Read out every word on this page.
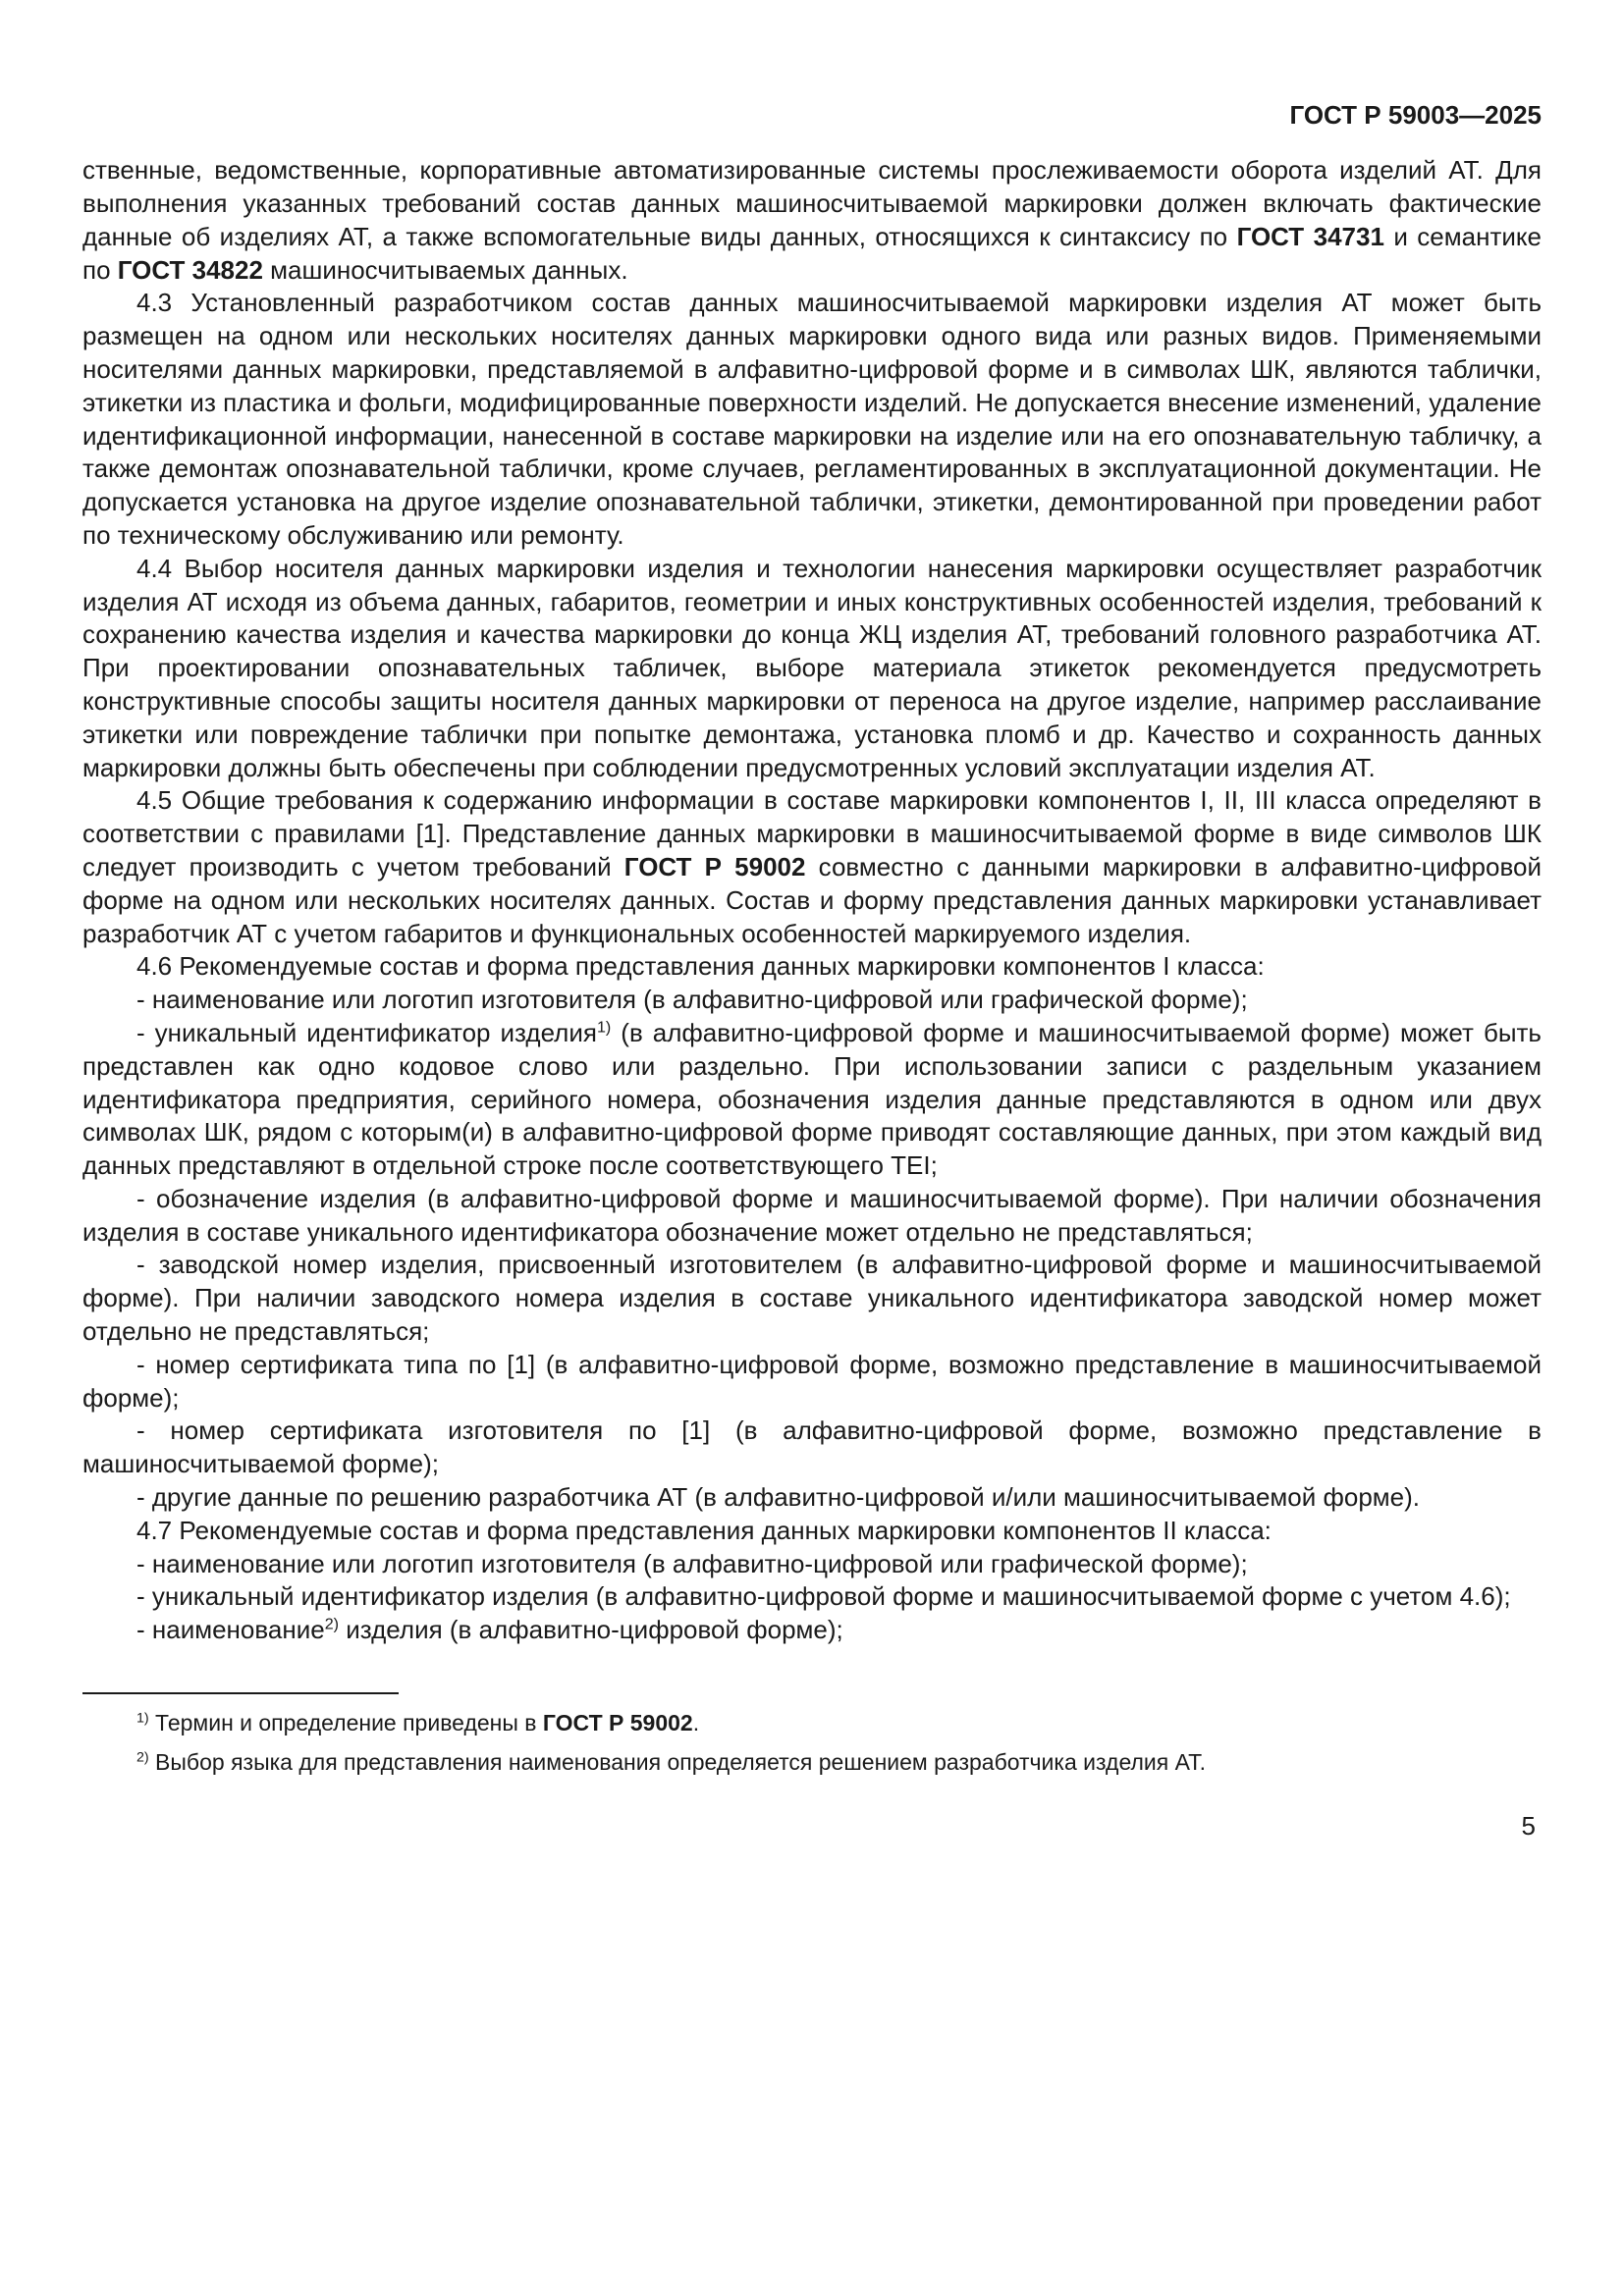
ГОСТ Р 59003—2025

ственные, ведомственные, корпоративные автоматизированные системы прослеживаемости оборота изделий АТ. Для выполнения указанных требований состав данных машиносчитываемой маркировки должен включать фактические данные об изделиях АТ, а также вспомогательные виды данных, относящихся к синтаксису по ГОСТ 34731 и семантике по ГОСТ 34822 машиносчитываемых данных.

4.3 Установленный разработчиком состав данных машиносчитываемой маркировки изделия АТ может быть размещен на одном или нескольких носителях данных маркировки одного вида или разных видов. Применяемыми носителями данных маркировки, представляемой в алфавитно-цифровой форме и в символах ШК, являются таблички, этикетки из пластика и фольги, модифицированные поверхности изделий. Не допускается внесение изменений, удаление идентификационной информации, нанесенной в составе маркировки на изделие или на его опознавательную табличку, а также демонтаж опознавательной таблички, кроме случаев, регламентированных в эксплуатационной документации. Не допускается установка на другое изделие опознавательной таблички, этикетки, демонтированной при проведении работ по техническому обслуживанию или ремонту.

4.4 Выбор носителя данных маркировки изделия и технологии нанесения маркировки осуществляет разработчик изделия АТ исходя из объема данных, габаритов, геометрии и иных конструктивных особенностей изделия, требований к сохранению качества изделия и качества маркировки до конца ЖЦ изделия АТ, требований головного разработчика АТ. При проектировании опознавательных табличек, выборе материала этикеток рекомендуется предусмотреть конструктивные способы защиты носителя данных маркировки от переноса на другое изделие, например расслаивание этикетки или повреждение таблички при попытке демонтажа, установка пломб и др. Качество и сохранность данных маркировки должны быть обеспечены при соблюдении предусмотренных условий эксплуатации изделия АТ.

4.5 Общие требования к содержанию информации в составе маркировки компонентов I, II, III класса определяют в соответствии с правилами [1]. Представление данных маркировки в машиносчитываемой форме в виде символов ШК следует производить с учетом требований ГОСТ Р 59002 совместно с данными маркировки в алфавитно-цифровой форме на одном или нескольких носителях данных. Состав и форму представления данных маркировки устанавливает разработчик АТ с учетом габаритов и функциональных особенностей маркируемого изделия.

4.6 Рекомендуемые состав и форма представления данных маркировки компонентов I класса:

- наименование или логотип изготовителя (в алфавитно-цифровой или графической форме);

- уникальный идентификатор изделия$^{1)}$ (в алфавитно-цифровой форме и машиносчитываемой форме) может быть представлен как одно кодовое слово или раздельно. При использовании записи с раздельным указанием идентификатора предприятия, серийного номера, обозначения изделия данные представляются в одном или двух символах ШК, рядом с которым(и) в алфавитно-цифровой форме приводят составляющие данных, при этом каждый вид данных представляют в отдельной строке после соответствующего TEI;

- обозначение изделия (в алфавитно-цифровой форме и машиносчитываемой форме). При наличии обозначения изделия в составе уникального идентификатора обозначение может отдельно не представляться;

- заводской номер изделия, присвоенный изготовителем (в алфавитно-цифровой форме и машиносчитываемой форме). При наличии заводского номера изделия в составе уникального идентификатора заводской номер может отдельно не представляться;

- номер сертификата типа по [1] (в алфавитно-цифровой форме, возможно представление в машиносчитываемой форме);

- номер сертификата изготовителя по [1] (в алфавитно-цифровой форме, возможно представление в машиносчитываемой форме);

- другие данные по решению разработчика АТ (в алфавитно-цифровой и/или машиносчитываемой форме).

4.7 Рекомендуемые состав и форма представления данных маркировки компонентов II класса:

- наименование или логотип изготовителя (в алфавитно-цифровой или графической форме);

- уникальный идентификатор изделия (в алфавитно-цифровой форме и машиносчитываемой форме с учетом 4.6);

- наименование$^{2)}$ изделия (в алфавитно-цифровой форме);

$^{1)}$ Термин и определение приведены в ГОСТ Р 59002.

$^{2)}$ Выбор языка для представления наименования определяется решением разработчика изделия АТ.

5
